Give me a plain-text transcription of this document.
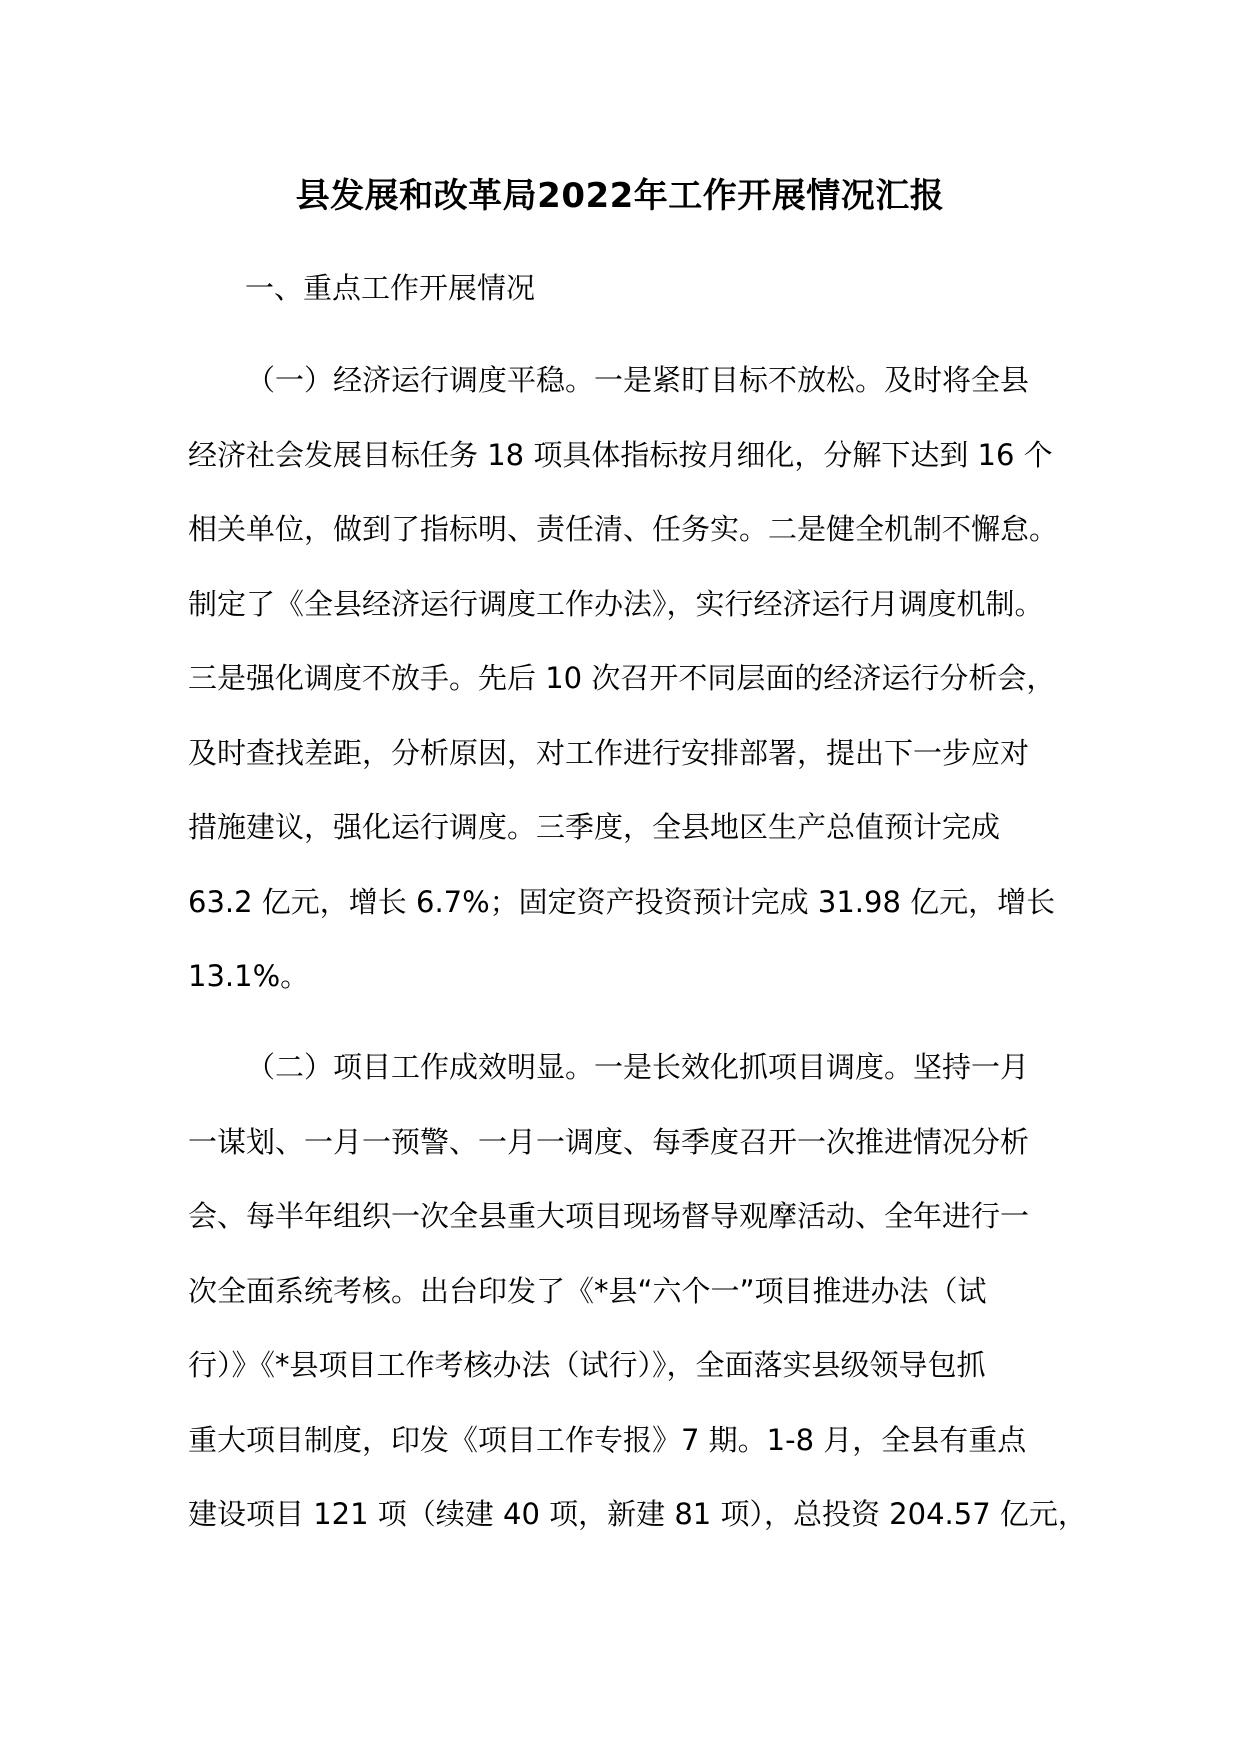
县发展和改革局2022年工作开展情况汇报
一、重点工作开展情况
（一）经济运行调度平稳。一是紧盯目标不放松。及时将全县
经济社会发展目标任务 18 项具体指标按月细化，分解下达到 16 个
相关单位，做到了指标明、责任清、任务实。二是健全机制不懈怠。
制定了《全县经济运行调度工作办法》，实行经济运行月调度机制。
三是强化调度不放手。先后 10 次召开不同层面的经济运行分析会，
及时查找差距，分析原因，对工作进行安排部署，提出下一步应对
措施建议，强化运行调度。三季度，全县地区生产总值预计完成
63.2 亿元，增长 6.7%；固定资产投资预计完成 31.98 亿元，增长
13.1%。
（二）项目工作成效明显。一是长效化抓项目调度。坚持一月
一谋划、一月一预警、一月一调度、每季度召开一次推进情况分析
会、每半年组织一次全县重大项目现场督导观摩活动、全年进行一
次全面系统考核。出台印发了《*县“六个一”项目推进办法（试
行）》《*县项目工作考核办法（试行）》，全面落实县级领导包抓
重大项目制度，印发《项目工作专报》7 期。1-8 月，全县有重点
建设项目 121 项（续建 40 项，新建 81 项），总投资 204.57 亿元，
